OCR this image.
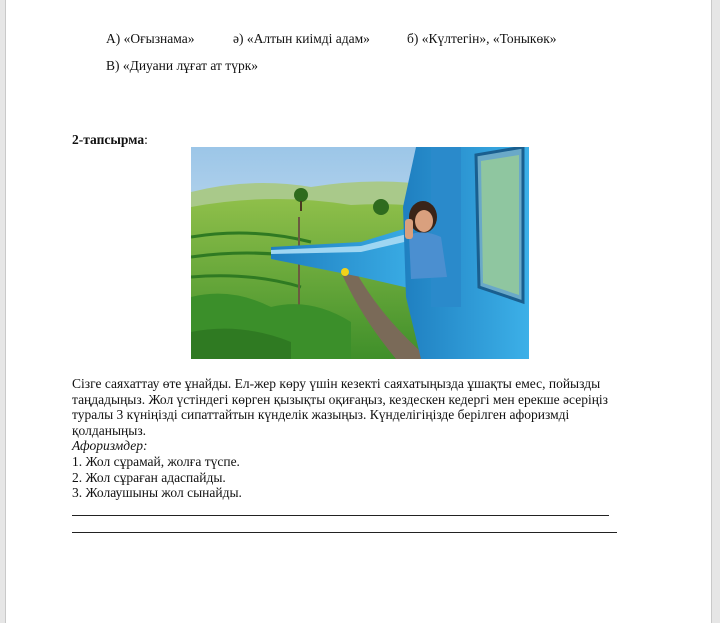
А) «Оғызнама»	ә) «Алтын киімді адам»	б) «Күлтегін», «Тоныкөк»
В) «Диуани лұғат ат түрк»
2-тапсырма:
Сізге саяхаттау өте ұнайды. Ел-жер көру үшін кезекті саяхатыңызда ұшақты емес, пойызды
таңдадыңыз. Жол үстіндегі көрген қызықты оқиғаңыз, кездескен кедергі мен ерекше әсеріңіз
туралы 3 күніңізді сипаттайтын күнделік жазыңыз. Күнделігіңізде берілген афоризмді
қолданыңыз.
Афоризмдер:
1. Жол сұрамай, жолға түспе.
2. Жол сұраған адаспайды.
3. Жолаушыны жол сынайды.
